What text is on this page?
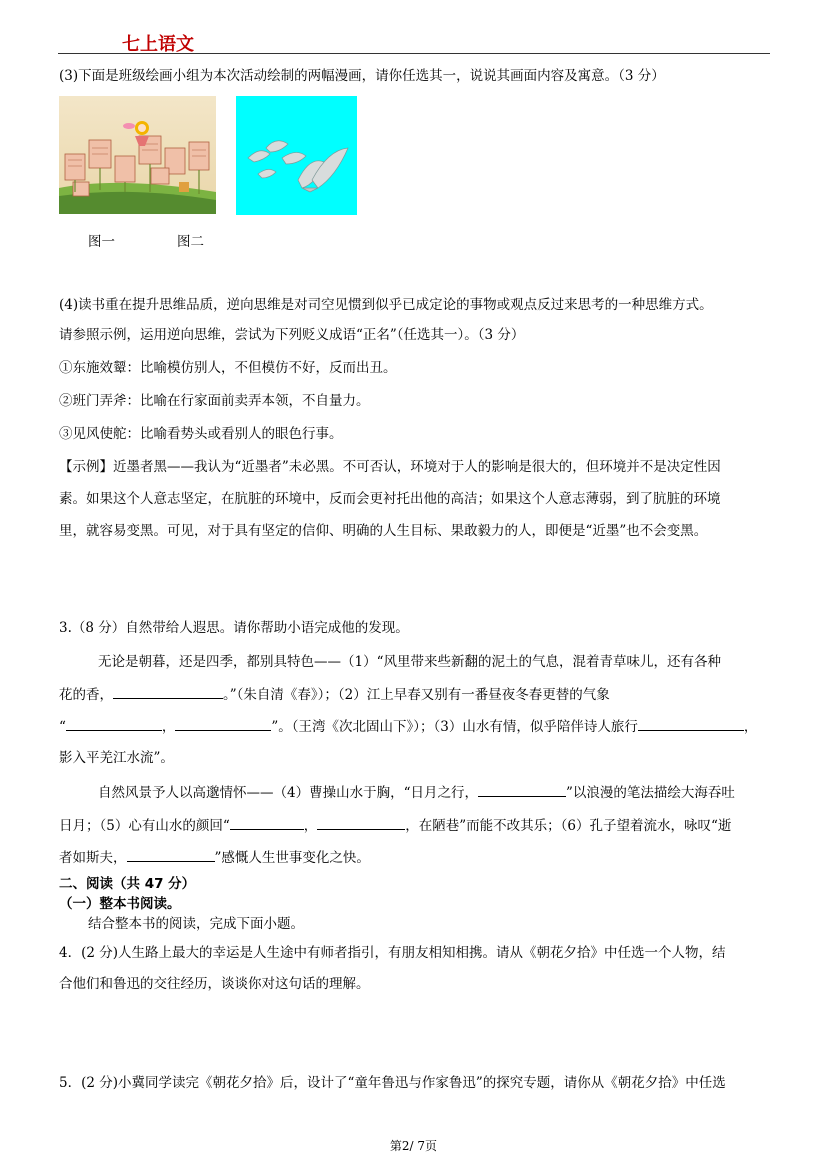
七上语文
(3)下面是班级绘画小组为本次活动绘制的两幅漫画，请你任选其一，说说其画面内容及寓意。（3 分）
图一	图二
(4)读书重在提升思维品质，逆向思维是对司空见惯到似乎已成定论的事物或观点反过来思考的一种思维方式。
请参照示例，运用逆向思维，尝试为下列贬义成语“正名”（任选其一）。（3 分）
①东施效颦：比喻模仿别人，不但模仿不好，反而出丑。
②班门弄斧：比喻在行家面前卖弄本领，不自量力。
③见风使舵：比喻看势头或看别人的眼色行事。
【示例】近墨者黑——我认为“近墨者”未必黑。不可否认，环境对于人的影响是很大的，但环境并不是决定性因
素。如果这个人意志坚定，在肮脏的环境中，反而会更衬托出他的高洁；如果这个人意志薄弱，到了肮脏的环境
里，就容易变黑。可见，对于具有坚定的信仰、明确的人生目标、果敢毅力的人，即便是“近墨”也不会变黑。
3.（8 分）自然带给人遐思。请你帮助小语完成他的发现。
无论是朝暮，还是四季，都别具特色——（1）“风里带来些新翻的泥土的气息，混着青草味儿，还有各种
花的香，	。”（朱自清《春》）；（2）江上早春又别有一番昼夜冬春更替的气象
“	，	”。（王湾《次北固山下》）；（3）山水有情，似乎陪伴诗人旅行	，
影入平羌江水流”。
自然风景予人以高邈情怀——（4）曹操山水于胸，“日月之行，	”以浪漫的笔法描绘大海吞吐
日月；（5）心有山水的颜回“	，	，在陋巷”而能不改其乐；（6）孔子望着流水，咏叹“逝
者如斯夫，	”感慨人生世事变化之快。
二、阅读（共 47 分）
（一）整本书阅读。
结合整本书的阅读，完成下面小题。
4．(2 分)人生路上最大的幸运是人生途中有师者指引，有朋友相知相携。请从《朝花夕拾》中任选一个人物，结
合他们和鲁迅的交往经历，谈谈你对这句话的理解。
5．(2 分)小冀同学读完《朝花夕拾》后，设计了“童年鲁迅与作家鲁迅”的探究专题，请你从《朝花夕拾》中任选
第2/ 7页
